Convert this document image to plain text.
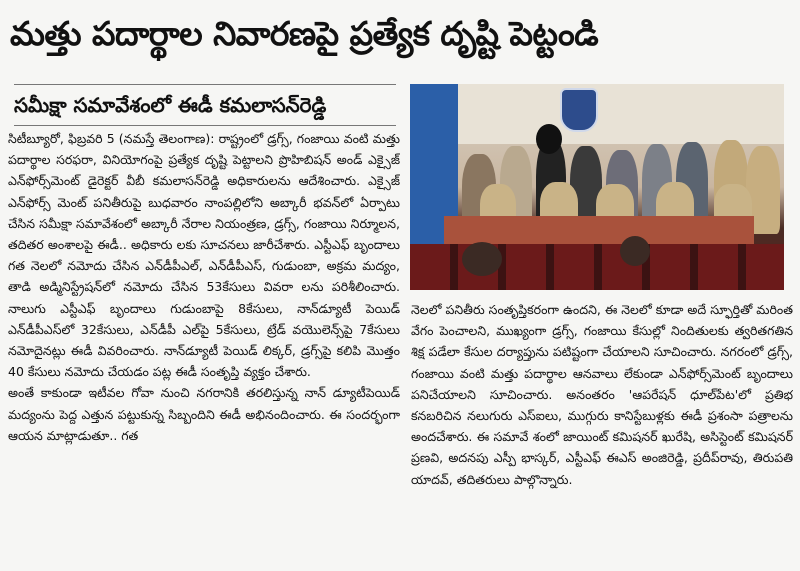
మత్తు పదార్థాల నివారణపై ప్రత్యేక దృష్టి పెట్టండి
సమీక్షా సమావేశంలో ఈడీ కమలాసన్‌రెడ్డి

సిటీబ్యూరో, ఫిబ్రవరి 5 (నమస్తే తెలంగాణ): రాష్ట్రంలో డ్రగ్స్, గంజాయి వంటి మత్తు పదార్థాల సరఫరా, వినియోగంపై ప్రత్యేక దృష్టి పెట్టాలని ప్రొహిబిషన్ అండ్ ఎక్సైజ్ ఎన్‌ఫోర్స్‌మెంట్ డైరెక్టర్ వీబీ కమలాసన్‌రెడ్డి అధికారులను ఆదేశించారు. ఎక్సైజ్ ఎన్‌ఫోర్స్ మెంట్ పనితీరుపై బుధవారం నాంపల్లిలోని అబ్కారీ భవన్‌లో ఏర్పాటు చేసిన సమీక్షా సమావేశంలో అబ్కారీ నేరాల నియంత్రణ, డ్రగ్స్, గంజాయి నిర్మూలన, తదితర అంశాలపై ఈడీ.. అధికారు లకు సూచనలు జారీచేశారు. ఎస్టీఎఫ్ బృందాలు గత నెలలో నమోదు చేసిన ఎన్‌డీపీఎల్, ఎన్‌డీపీఎస్, గుడుంబా, అక్రమ మద్యం, తాడి అడ్మినిస్ట్రేషన్‌లో నమోదు చేసిన 53కేసులు వివరా లను పరిశీలించారు. నాలుగు ఎస్టీఎఫ్ బృందాలు గుడుంబాపై 8కేసులు, నాన్‌డ్యూటీ పెయిడ్ ఎన్‌డీపీఎస్‌లో 32కేసులు, ఎన్‌డీపీ ఎల్‌పై 5కేసులు, ట్రేడ్ వయొలెన్స్‌పై 7కేసులు నమోదైనట్లు ఈడీ వివరించారు. నాన్‌డ్యూటీ పెయిడ్ లిక్కర్, డ్రగ్స్‌పై కలిపి మొత్తం 40 కేసులు నమోదు చేయడం పట్ల ఈడీ సంతృప్తి వ్యక్తం చేశారు.

అంతే కాకుండా ఇటీవల గోవా నుంచి నగరానికి తరలిస్తున్న నాన్ డ్యూటీపెయిడ్ మద్యంను పెద్ద ఎత్తున పట్టుకున్న సిబ్బందిని ఈడీ అభినందించారు. ఈ సందర్భంగా ఆయన మాట్లాడుతూ.. గత

నెలలో పనితీరు సంతృప్తికరంగా ఉందని, ఈ నెలలో కూడా అదే స్ఫూర్తితో మరింత వేగం పెంచాలని, ముఖ్యంగా డ్రగ్స్, గంజాయి కేసుల్లో నిందితులకు త్వరితగతిన శిక్ష పడేలా కేసుల దర్యాప్తును పటిష్టంగా చేయాలని సూచించారు. నగరంలో డ్రగ్స్, గంజాయి వంటి మత్తు పదార్థాల ఆనవాలు లేకుండా ఎన్‌ఫోర్స్‌మెంట్ బృందాలు పనిచేయాలని సూచించారు. అనంతరం 'ఆపరేషన్ ధూల్‌పేట'లో ప్రతిభ కనబరిచిన నలుగురు ఎస్‌ఐలు, ముగ్గురు కానిస్టేబుళ్లకు ఈడీ ప్రశంసా పత్రాలను అందచేశారు. ఈ సమావే శంలో జాయింట్ కమిషనర్ ఖురేషి, అసిస్టెంట్ కమిషనర్ ప్రణవి, అదనపు ఎస్పీ భాస్కర్, ఎస్టీఎఫ్ ఈఎస్ అంజిరెడ్డి, ప్రదీప్‌రావు, తిరుపతి యాదవ్, తదితరులు పాల్గొన్నారు.
